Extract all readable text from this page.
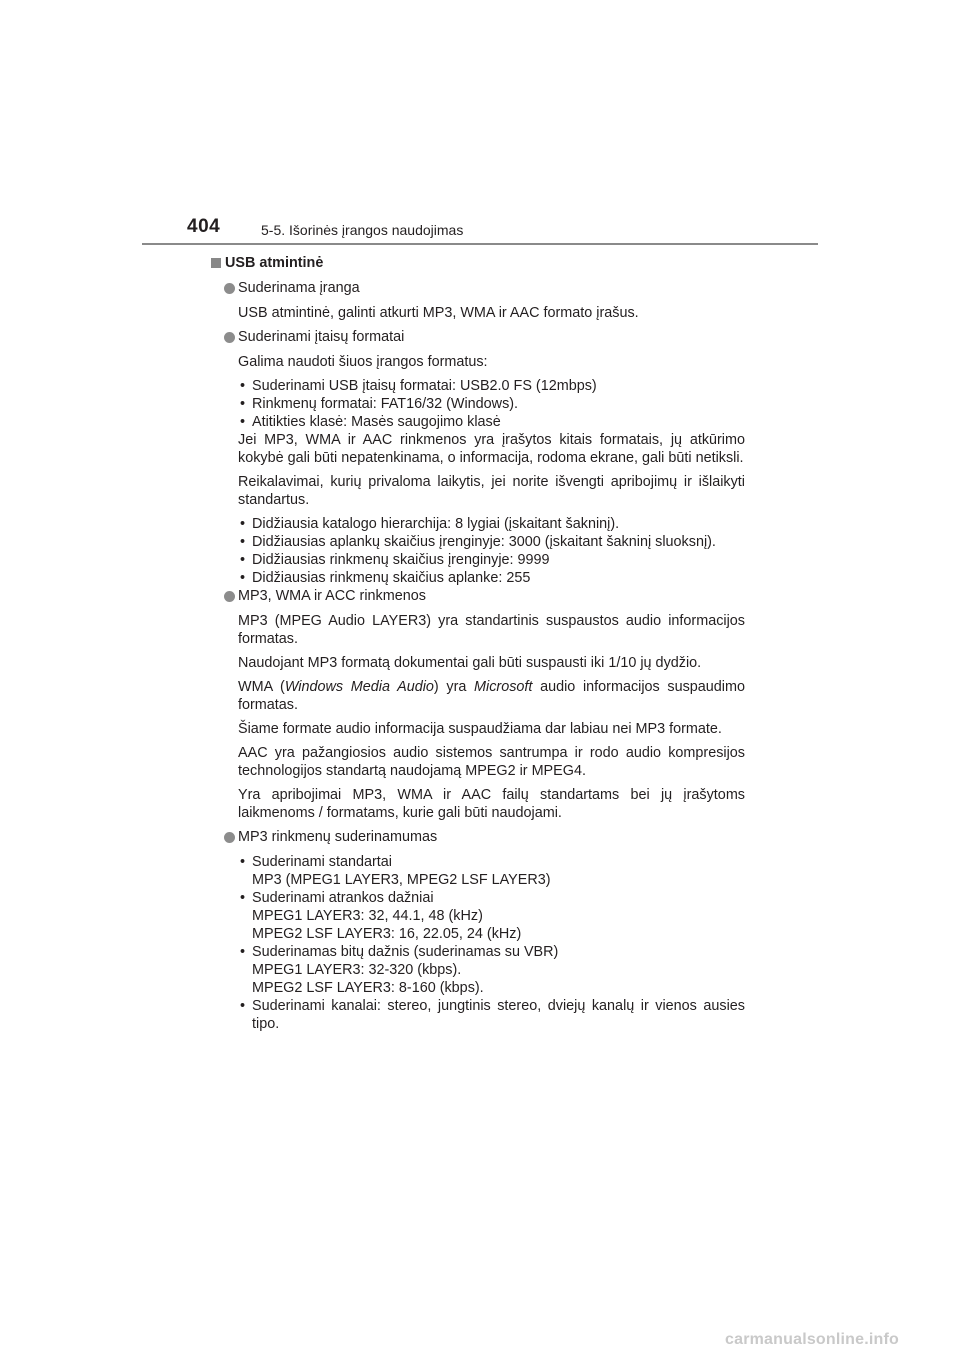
404	5-5. Išorinės įrangos naudojimas
USB atmintinė
Suderinama įranga

USB atmintinė, galinti atkurti MP3, WMA ir AAC formato įrašus.

Suderinami įtaisų formatai

Galima naudoti šiuos įrangos formatus:

• Suderinami USB įtaisų formatai: USB2.0 FS (12mbps)
• Rinkmenų formatai: FAT16/32 (Windows).
• Atitikties klasė: Masės saugojimo klasė

Jei MP3, WMA ir AAC rinkmenos yra įrašytos kitais formatais, jų atkūrimo kokybė gali būti nepatenkinama, o informacija, rodoma ekrane, gali būti netiksli.

Reikalavimai, kurių privaloma laikytis, jei norite išvengti apribojimų ir išlaikyti standartus.

• Didžiausia katalogo hierarchija: 8 lygiai (įskaitant šakninį).
• Didžiausias aplankų skaičius įrenginyje: 3000 (įskaitant šakninį sluoksnį).
• Didžiausias rinkmenų skaičius įrenginyje: 9999
• Didžiausias rinkmenų skaičius aplanke: 255
MP3, WMA ir ACC rinkmenos

MP3 (MPEG Audio LAYER3) yra standartinis suspaustos audio informacijos formatas.

Naudojant MP3 formatą dokumentai gali būti suspausti iki 1/10 jų dydžio.

WMA (Windows Media Audio) yra Microsoft audio informacijos suspaudimo formatas.

Šiame formate audio informacija suspaudžiama dar labiau nei MP3 formate.

AAC yra pažangiosios audio sistemos santrumpa ir rodo audio kompresijos technologijos standartą naudojamą MPEG2 ir MPEG4.

Yra apribojimai MP3, WMA ir AAC failų standartams bei jų įrašytoms laikmenoms / formatams, kurie gali būti naudojami.

MP3 rinkmenų suderinamumas
• Suderinami standartai
MP3 (MPEG1 LAYER3, MPEG2 LSF LAYER3)
• Suderinami atrankos dažniai
MPEG1 LAYER3: 32, 44.1, 48 (kHz)
MPEG2 LSF LAYER3: 16, 22.05, 24 (kHz)
• Suderinamas bitų dažnis (suderinamas su VBR)
MPEG1 LAYER3: 32-320 (kbps).
MPEG2 LSF LAYER3: 8-160 (kbps).
• Suderinami kanalai: stereo, jungtinis stereo, dviejų kanalų ir vienos ausies tipo.
carmanualsonline.info
